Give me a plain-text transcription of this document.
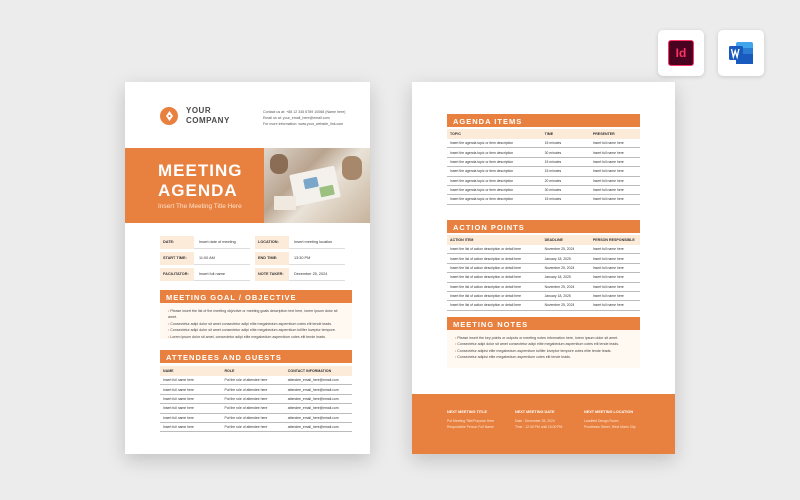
Id
YOUR
COMPANY
Contact us at: +88 12 345 6789 10068 (Name here)
Email us at: your_email_here@email.com
For more information: www.your_website_link.com
MEETING
AGENDA
Insert The Meeting Title Here
DATE:	Insert date of meeting	LOCATION:	Insert meeting location
START TIME:	11:00 AM	END TIME:	13:30 PM
FACILITATOR:	Insert full name	NOTE TAKER:	December 25, 2024
MEETING GOAL / OBJECTIVE
• Please insert the list of the meeting objective or meeting goals description text here, lorem ipsum dolor sit amet.
• Consectetur adipi dolor sit amet consectetur adipi elite megabedum aspernitum cotes elit tende leads.
• Consectetur adipi dolor sit amet consectetur adipi elite megabedum aspernitum tollifer loveptor tempore.
• Lorem ipsum dolor sit amet, consectetur adipi elite megabedum aspernitum cotes elit tende leads.
ATTENDEES AND GUESTS
NAME	ROLE	CONTACT INFORMATION
Insert full name here	Put the role of attendee here	attendee_email_here@email.com
Insert full name here	Put the role of attendee here	attendee_email_here@email.com
Insert full name here	Put the role of attendee here	attendee_email_here@email.com
Insert full name here	Put the role of attendee here	attendee_email_here@email.com
Insert full name here	Put the role of attendee here	attendee_email_here@email.com
Insert full name here	Put the role of attendee here	attendee_email_here@email.com
AGENDA ITEMS
TOPIC	TIME	PRESENTER
Insert the agenda topic or item description	15 minutes	Insert full name here
Insert the agenda topic or item description	30 minutes	Insert full name here
Insert the agenda topic or item description	15 minutes	Insert full name here
Insert the agenda topic or item description	15 minutes	Insert full name here
Insert the agenda topic or item description	20 minutes	Insert full name here
Insert the agenda topic or item description	30 minutes	Insert full name here
Insert the agenda topic or item description	15 minutes	Insert full name here
ACTION POINTS
ACTION ITEM	DEADLINE	PERSON RESPONSIBLE
Insert the list of action description or detail here	November 25, 2024	Insert full name here
Insert the list of action description or detail here	January 18, 2025	Insert full name here
Insert the list of action description or detail here	November 25, 2024	Insert full name here
Insert the list of action description or detail here	January 18, 2025	Insert full name here
Insert the list of action description or detail here	November 25, 2024	Insert full name here
Insert the list of action description or detail here	January 18, 2025	Insert full name here
Insert the list of action description or detail here	November 25, 2024	Insert full name here
MEETING NOTES
• Please insert the key points or outputs or meeting notes information here, lorem ipsum dolor sit amet.
• Consectetur adipi dolor sit amet consectetur adipi elite megabedum aspernitum cotes elit tende leads.
• Consectetur adipisi elite megabedum aspernitum tollifer loveptor tempore cotes elite tende leads.
• Consectetur adipisi elite megabedum aspernitum cotes elit tende leads.
NEXT MEETING TITLE
Put Meeting Title/Purpose Here
Responsible Person Full Name
NEXT MEETING DATE
Date : December 25, 2024
Time : 12:30 PM until 16:00 PM
NEXT MEETING LOCATION
Landfeld Design Room
Prosthesis Street, West Marin City
